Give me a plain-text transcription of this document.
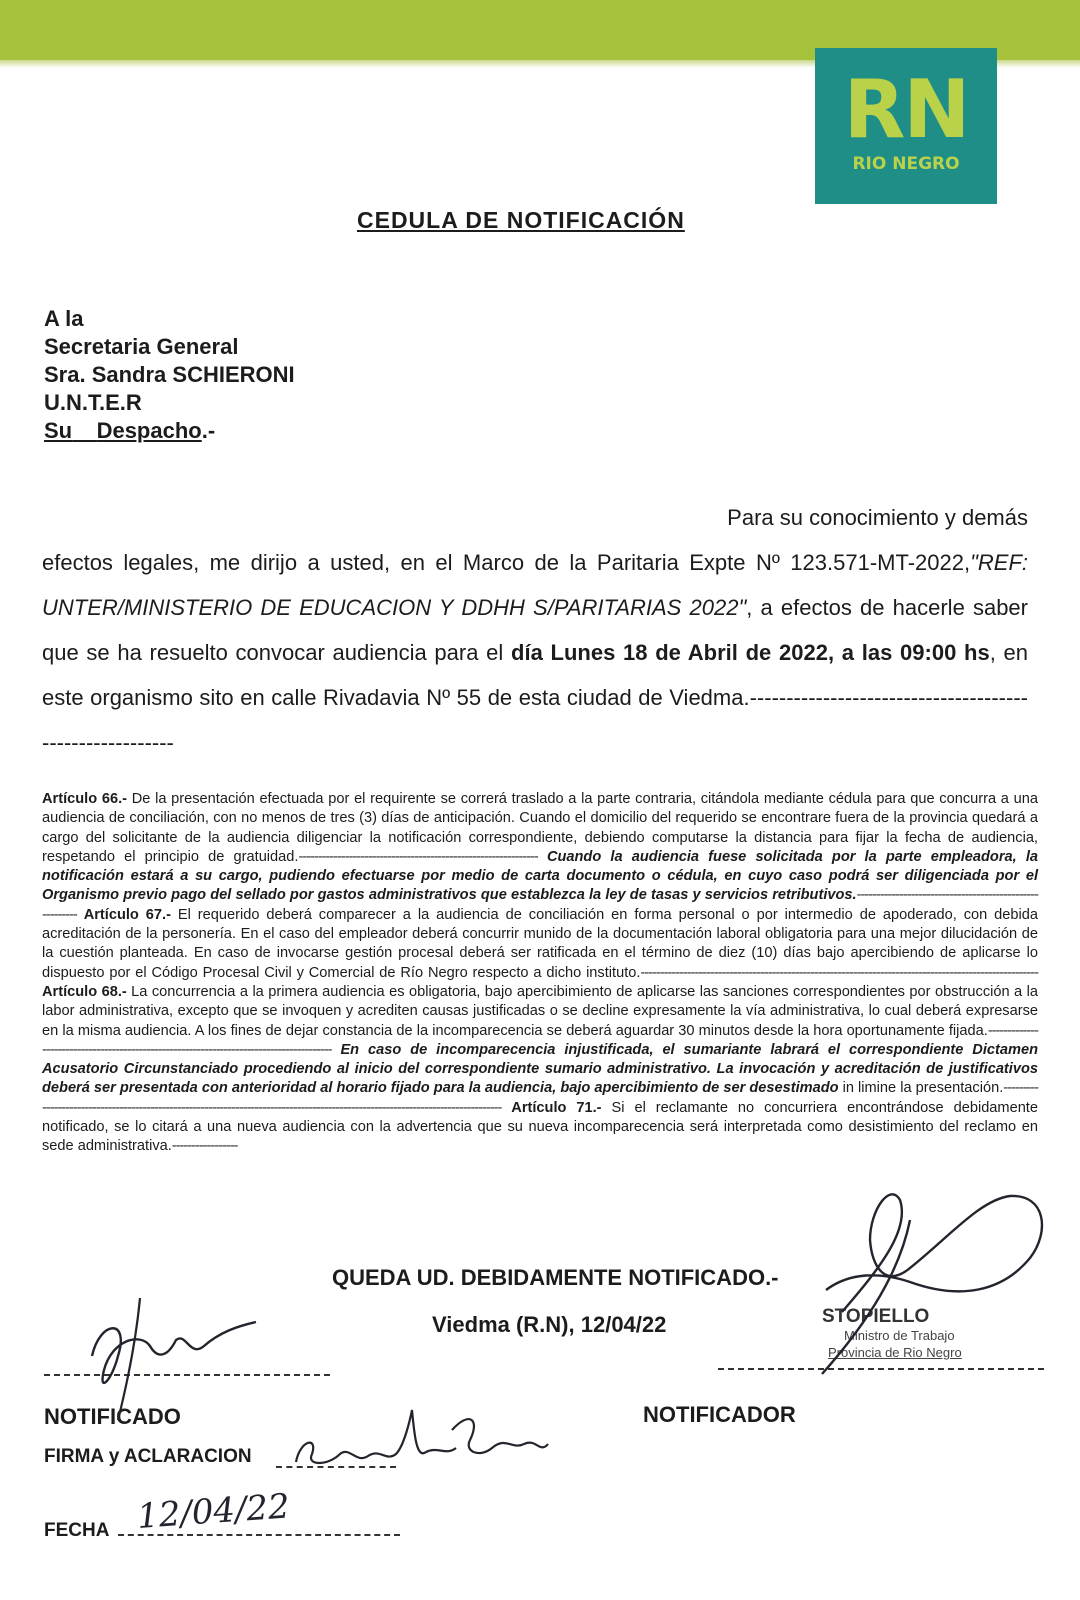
RN
RIO NEGRO
CEDULA DE NOTIFICACIÓN
A la
Secretaria General
Sra. Sandra SCHIERONI
U.N.T.E.R
Su Despacho.-
Para su conocimiento y demás
efectos legales, me dirijo a usted, en el Marco de la Paritaria Expte Nº 123.571-MT-2022,"REF: UNTER/MINISTERIO DE EDUCACION Y DDHH S/PARITARIAS 2022", a efectos de hacerle saber que se ha resuelto convocar audiencia para el día Lunes 18 de Abril de 2022, a las 09:00 hs, en este organismo sito en calle Rivadavia Nº 55 de esta ciudad de Viedma.--------------------------------------------------------
Artículo 66.- De la presentación efectuada por el requirente se correrá traslado a la parte contraria, citándola mediante cédula para que concurra a una audiencia de conciliación, con no menos de tres (3) días de anticipación. Cuando el domicilio del requerido se encontrare fuera de la provincia quedará a cargo del solicitante de la audiencia diligenciar la notificación correspondiente, debiendo computarse la distancia para fijar la fecha de audiencia, respetando el principio de gratuidad.-------------------------------------------------------------- Cuando la audiencia fuese solicitada por la parte empleadora, la notificación estará a su cargo, pudiendo efectuarse por medio de carta documento o cédula, en cuyo caso podrá ser diligenciada por el Organismo previo pago del sellado por gastos administrativos que establezca la ley de tasas y servicios retributivos.-------------------------------------------------------- Artículo 67.- El requerido deberá comparecer a la audiencia de conciliación en forma personal o por intermedio de apoderado, con debida acreditación de la personería. En el caso del empleador deberá concurrir munido de la documentación laboral obligatoria para una mejor dilucidación de la cuestión planteada. En caso de invocarse gestión procesal deberá ser ratificada en el término de diez (10) días bajo apercibiendo de aplicarse lo dispuesto por el Código Procesal Civil y Comercial de Río Negro respecto a dicho instituto.------------------------------------------------------------------------------------------------------- Artículo 68.- La concurrencia a la primera audiencia es obligatoria, bajo apercibimiento de aplicarse las sanciones correspondientes por obstrucción a la labor administrativa, excepto que se invoquen y acrediten causas justificadas o se decline expresamente la vía administrativa, lo cual deberá expresarse en la misma audiencia. A los fines de dejar constancia de la incomparecencia se deberá aguardar 30 minutos desde la hora oportunamente fijada.---------------------------------------------------------------------------------------- En caso de incomparecencia injustificada, el sumariante labrará el correspondiente Dictamen Acusatorio Circunstanciado procediendo al inicio del correspondiente sumario administrativo. La invocación y acreditación de justificativos deberá ser presentada con anterioridad al horario fijado para la audiencia, bajo apercibimiento de ser desestimado in limine la presentación.-------------------------------------------------------------------------------------------------------------------------------- Artículo 71.- Si el reclamante no concurriera encontrándose debidamente notificado, se lo citará a una nueva audiencia con la advertencia que su nueva incomparecencia será interpretada como desistimiento del reclamo en sede administrativa.-----------------
QUEDA UD. DEBIDAMENTE NOTIFICADO.-
Viedma (R.N), 12/04/22	STOPIELLO
Ministro de Trabajo
Provincia de Rio Negro
NOTIFICADO	NOTIFICADOR
FIRMA y ACLARACION
FECHA
Sandra Schieroni
12/04/22
